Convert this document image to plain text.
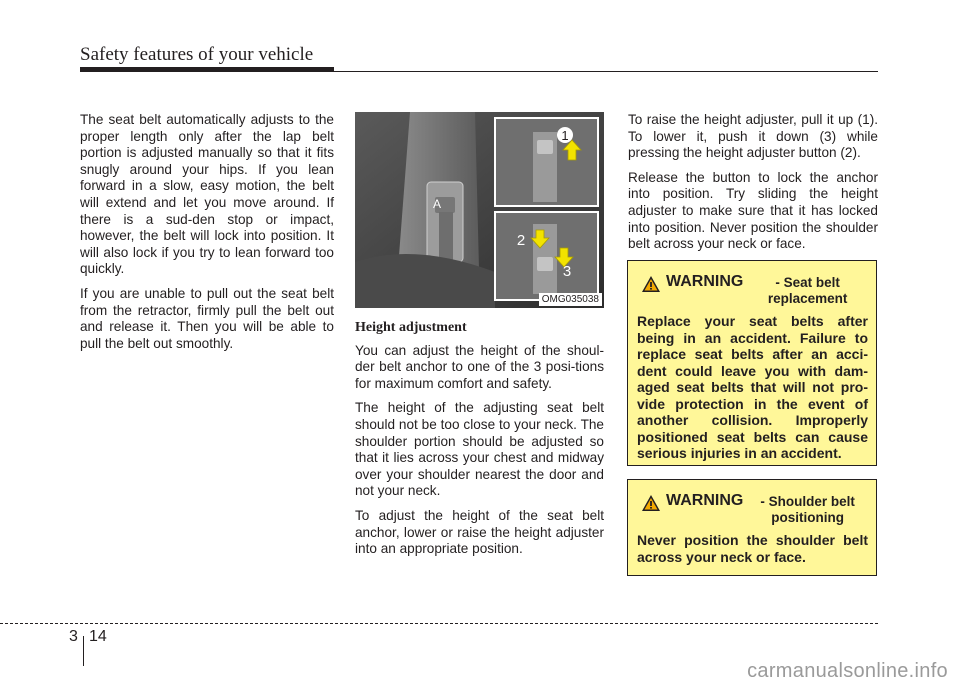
Safety features of your vehicle

The seat belt automatically adjusts to the proper length only after the lap belt portion is adjusted manually so that it fits snugly around your hips. If you lean forward in a slow, easy motion, the belt will extend and let you move around. If there is a sud-den stop or impact, however, the belt will lock into position. It will also lock if you try to lean forward too quickly.

If you are unable to pull out the seat belt from the retractor, firmly pull the belt out and release it. Then you will be able to pull the belt out smoothly.

1
2
3
A
OMG035038
Height adjustment

You can adjust the height of the shoul-der belt anchor to one of the 3 posi-tions for maximum comfort and safety.

The height of the adjusting seat belt should not be too close to your neck. The shoulder portion should be adjusted so that it lies across your chest and midway over your shoulder nearest the door and not your neck.

To adjust the height of the seat belt anchor, lower or raise the height adjuster into an appropriate position.

To raise the height adjuster, pull it up (1). To lower it, push it down (3) while pressing the height adjuster button (2).

Release the button to lock the anchor into position. Try sliding the height adjuster to make sure that it has locked into position. Never position the shoulder belt across your neck or face.

WARNING	- Seat belt replacement
Replace your seat belts after being in an accident. Failure to replace seat belts after an acci-dent could leave you with dam-aged seat belts that will not pro-vide protection in the event of another collision. Improperly positioned seat belts can cause serious injuries in an accident.
WARNING	- Shoulder belt positioning
Never position the shoulder belt across your neck or face.
3 14
carmanualsonline.info
